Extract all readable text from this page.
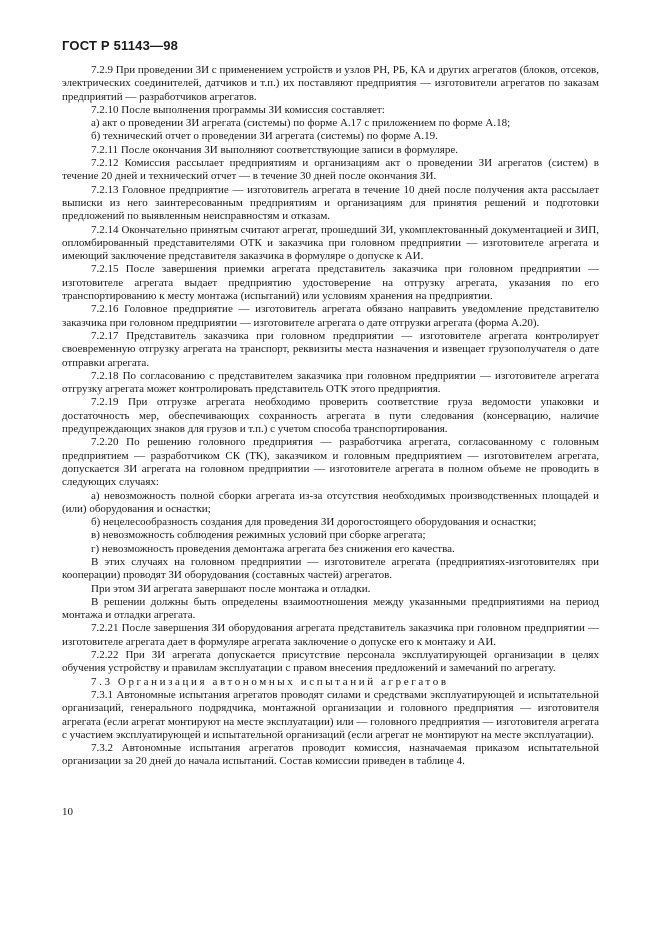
ГОСТ Р 51143—98

7.2.9 При проведении ЗИ с применением устройств и узлов РН, РБ, КА и других агрегатов (блоков, отсеков, электрических соединителей, датчиков и т.п.) их поставляют предприятия — изготовители агрегатов по заказам предприятий — разработчиков агрегатов.

7.2.10 После выполнения программы ЗИ комиссия составляет:

а) акт о проведении ЗИ агрегата (системы) по форме А.17 с приложением по форме А.18;

б) технический отчет о проведении ЗИ агрегата (системы) по форме А.19.

7.2.11 После окончания ЗИ выполняют соответствующие записи в формуляре.

7.2.12 Комиссия рассылает предприятиям и организациям акт о проведении ЗИ агрегатов (систем) в течение 20 дней и технический отчет — в течение 30 дней после окончания ЗИ.

7.2.13 Головное предприятие — изготовитель агрегата в течение 10 дней после получения акта рассылает выписки из него заинтересованным предприятиям и организациям для принятия решений и подготовки предложений по выявленным неисправностям и отказам.

7.2.14 Окончательно принятым считают агрегат, прошедший ЗИ, укомплектованный документацией и ЗИП, опломбированный представителями ОТК и заказчика при головном предприятии — изготовителе агрегата и имеющий заключение представителя заказчика в формуляре о допуске к АИ.

7.2.15 После завершения приемки агрегата представитель заказчика при головном предприятии — изготовителе агрегата выдает предприятию удостоверение на отгрузку агрегата, указания по его транспортированию к месту монтажа (испытаний) или условиям хранения на предприятии.

7.2.16 Головное предприятие — изготовитель агрегата обязано направить уведомление представителю заказчика при головном предприятии — изготовителе агрегата о дате отгрузки агрегата (форма А.20).

7.2.17 Представитель заказчика при головном предприятии — изготовителе агрегата контролирует своевременную отгрузку агрегата на транспорт, реквизиты места назначения и извещает грузополучателя о дате отправки агрегата.

7.2.18 По согласованию с представителем заказчика при головном предприятии — изготовителе агрегата отгрузку агрегата может контролировать представитель ОТК этого предприятия.

7.2.19 При отгрузке агрегата необходимо проверить соответствие груза ведомости упаковки и достаточность мер, обеспечивающих сохранность агрегата в пути следования (консервацию, наличие предупреждающих знаков для грузов и т.п.) с учетом способа транспортирования.

7.2.20 По решению головного предприятия — разработчика агрегата, согласованному с головным предприятием — разработчиком СК (ТК), заказчиком и головным предприятием — изготовителем агрегата, допускается ЗИ агрегата на головном предприятии — изготовителе агрегата в полном объеме не проводить в следующих случаях:

а) невозможность полной сборки агрегата из-за отсутствия необходимых производственных площадей и (или) оборудования и оснастки;

б) нецелесообразность создания для проведения ЗИ дорогостоящего оборудования и оснастки;

в) невозможность соблюдения режимных условий при сборке агрегата;

г) невозможность проведения демонтажа агрегата без снижения его качества.

В этих случаях на головном предприятии — изготовителе агрегата (предприятиях-изготовителях при кооперации) проводят ЗИ оборудования (составных частей) агрегатов.

При этом ЗИ агрегата завершают после монтажа и отладки.

В решении должны быть определены взаимоотношения между указанными предприятиями на период монтажа и отладки агрегата.

7.2.21 После завершения ЗИ оборудования агрегата представитель заказчика при головном предприятии — изготовителе агрегата дает в формуляре агрегата заключение о допуске его к монтажу и АИ.

7.2.22 При ЗИ агрегата допускается присутствие персонала эксплуатирующей организации в целях обучения устройству и правилам эксплуатации с правом внесения предложений и замечаний по агрегату.

7.3 Организация автономных испытаний агрегатов

7.3.1 Автономные испытания агрегатов проводят силами и средствами эксплуатирующей и испытательной организаций, генерального подрядчика, монтажной организации и головного предприятия — изготовителя агрегата (если агрегат монтируют на месте эксплуатации) или — головного предприятия — изготовителя агрегата с участием эксплуатирующей и испытательной организаций (если агрегат не монтируют на месте эксплуатации).

7.3.2 Автономные испытания агрегатов проводит комиссия, назначаемая приказом испытательной организации за 20 дней до начала испытаний. Состав комиссии приведен в таблице 4.

10
